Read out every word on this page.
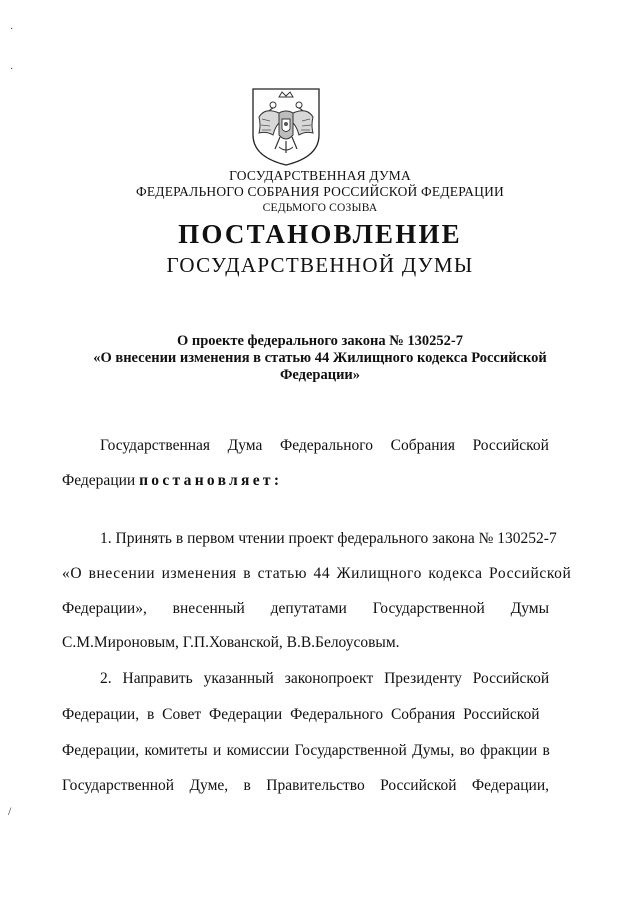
ГОСУДАРСТВЕННАЯ ДУМА
ФЕДЕРАЛЬНОГО СОБРАНИЯ РОССИЙСКОЙ ФЕДЕРАЦИИ
СЕДЬМОГО СОЗЫВА
ПОСТАНОВЛЕНИЕ
ГОСУДАРСТВЕННОЙ ДУМЫ
О проекте федерального закона № 130252-7
«О внесении изменения в статью 44 Жилищного кодекса Российской
Федерации»
Государственная Дума Федерального Собрания Российской
Федерации постановляет:
1. Принять в первом чтении проект федерального закона № 130252-7
«О внесении изменения в статью 44 Жилищного кодекса Российской
Федерации», внесенный депутатами Государственной Думы
С.М.Мироновым, Г.П.Хованской, В.В.Белоусовым.
2. Направить указанный законопроект Президенту Российской
Федерации, в Совет Федерации Федерального Собрания Российской
Федерации, комитеты и комиссии Государственной Думы, во фракции в
Государственной Думе, в Правительство Российской Федерации,
·
·
/
